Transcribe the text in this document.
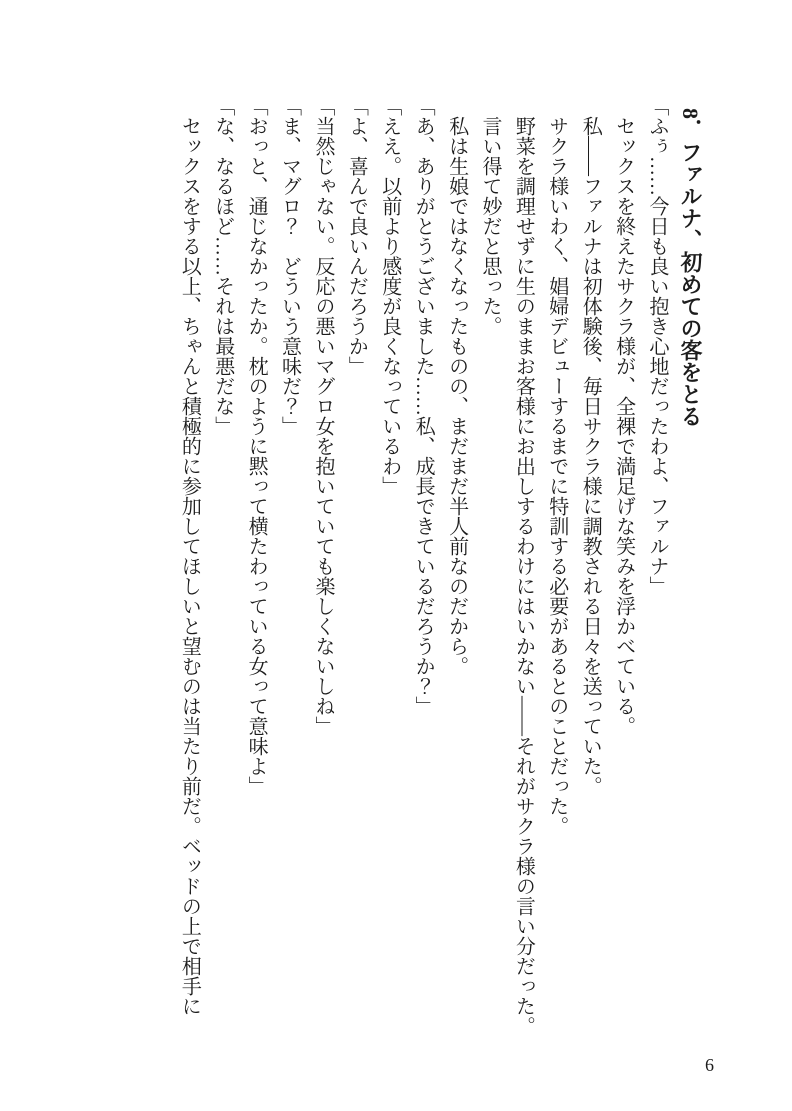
8．ファルナ、初めての客をとる

「ふぅ……今日も良い抱き心地だったわよ、ファルナ」

セックスを終えたサクラ様が、全裸で満足げな笑みを浮かべている。

私――ファルナは初体験後、毎日サクラ様に調教される日々を送っていた。

サクラ様いわく、娼婦デビューするまでに特訓する必要があるとのことだった。

野菜を調理せずに生のままお客様にお出しするわけにはいかない――それがサクラ様の言い分だった。

言い得て妙だと思った。

私は生娘ではなくなったものの、まだまだ半人前なのだから。

「あ、ありがとうございました……私、成長できているだろうか？」

「ええ。以前より感度が良くなっているわ」

「よ、喜んで良いんだろうか」

「当然じゃない。反応の悪いマグロ女を抱いていても楽しくないしね」

「ま、マグロ？　どういう意味だ？」

「おっと、通じなかったか。枕のように黙って横たわっている女って意味よ」

「な、なるほど……それは最悪だな」

セックスをする以上、ちゃんと積極的に参加してほしいと望むのは当たり前だ。ベッドの上で相手に

6
